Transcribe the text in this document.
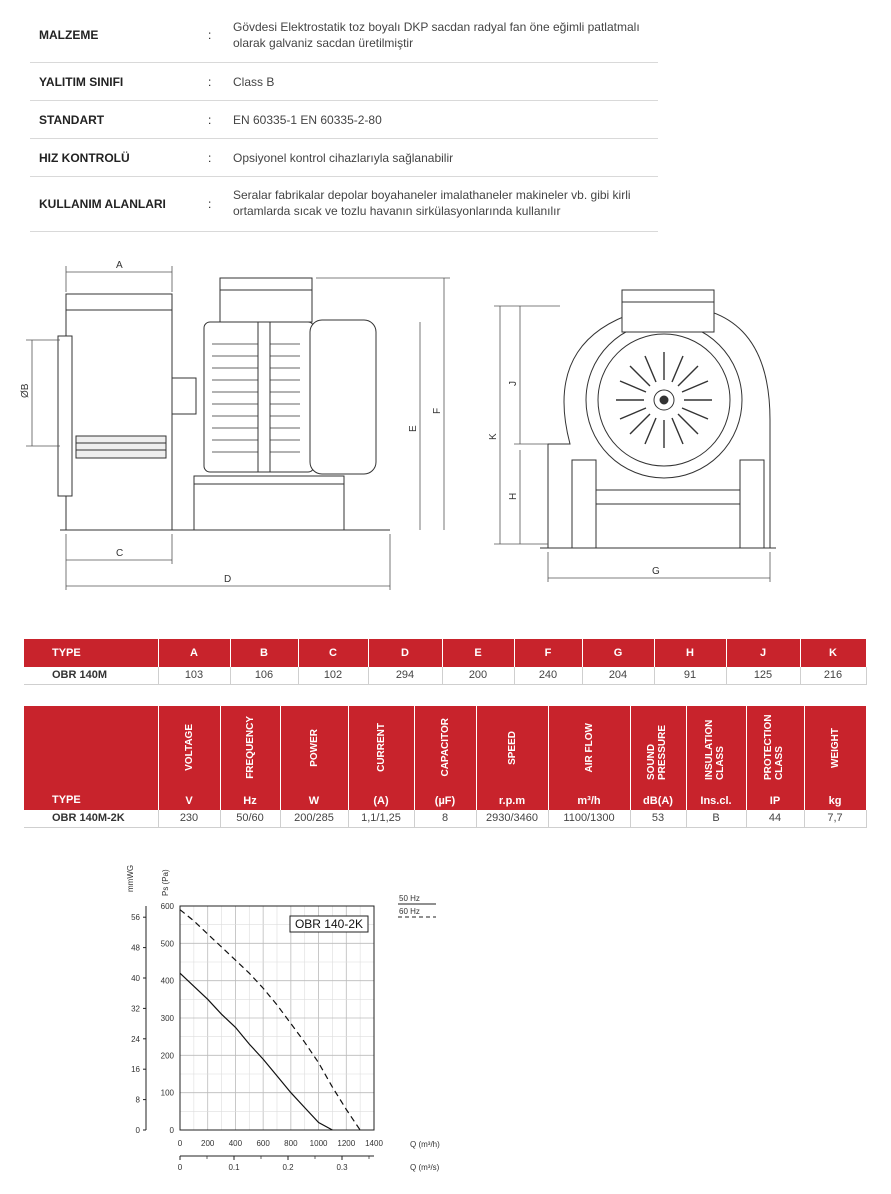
MALZEME	:
Gövdesi Elektrostatik toz boyalı DKP sacdan radyal fan öne eğimli patlatmalı olarak galvaniz sacdan üretilmiştir
YALITIM SINIFI	: Class B
STANDART	: EN 60335-1 EN 60335-2-80
HIZ KONTROLÜ	: Opsiyonel kontrol cihazlarıyla sağlanabilir
KULLANIM ALANLARI	:
Seralar fabrikalar depolar boyahaneler imalathaneler makineler vb. gibi kirli ortamlarda sıcak ve tozlu havanın sirkülasyonlarında kullanılır
A
ØB
C
D
E
F
G
H
J
K
TYPE	A	B	C	D	E	F	G	H	J	K
OBR 140M	103	106	102	294	200	240	204	91	125	216
TYPE	VOLTAGE	FREQUENCY	POWER	CURRENT	CAPACITOR	SPEED	AIR FLOW	SOUND PRESSURE	INSULATION CLASS	PROTECTION CLASS	WEIGHT
	V	Hz	W	(A)	(µF)	r.p.m	m³/h	dB(A)	Ins.cl.	IP	kg
OBR 140M-2K	230	50/60	200/285	1,1/1,25	8	2930/3460	1100/1300	53	B	44	7,7
0 200 400 600 800 1000 1200 1400
0
100
200
300
400
500
600
0
8
16
24
32
40
48
56
0	0.1	0.2	0.3
OBR 140-2K
Ps (Pa)
mmWG
Q (m³/h)
Q (m³/s)
50 Hz
60 Hz
